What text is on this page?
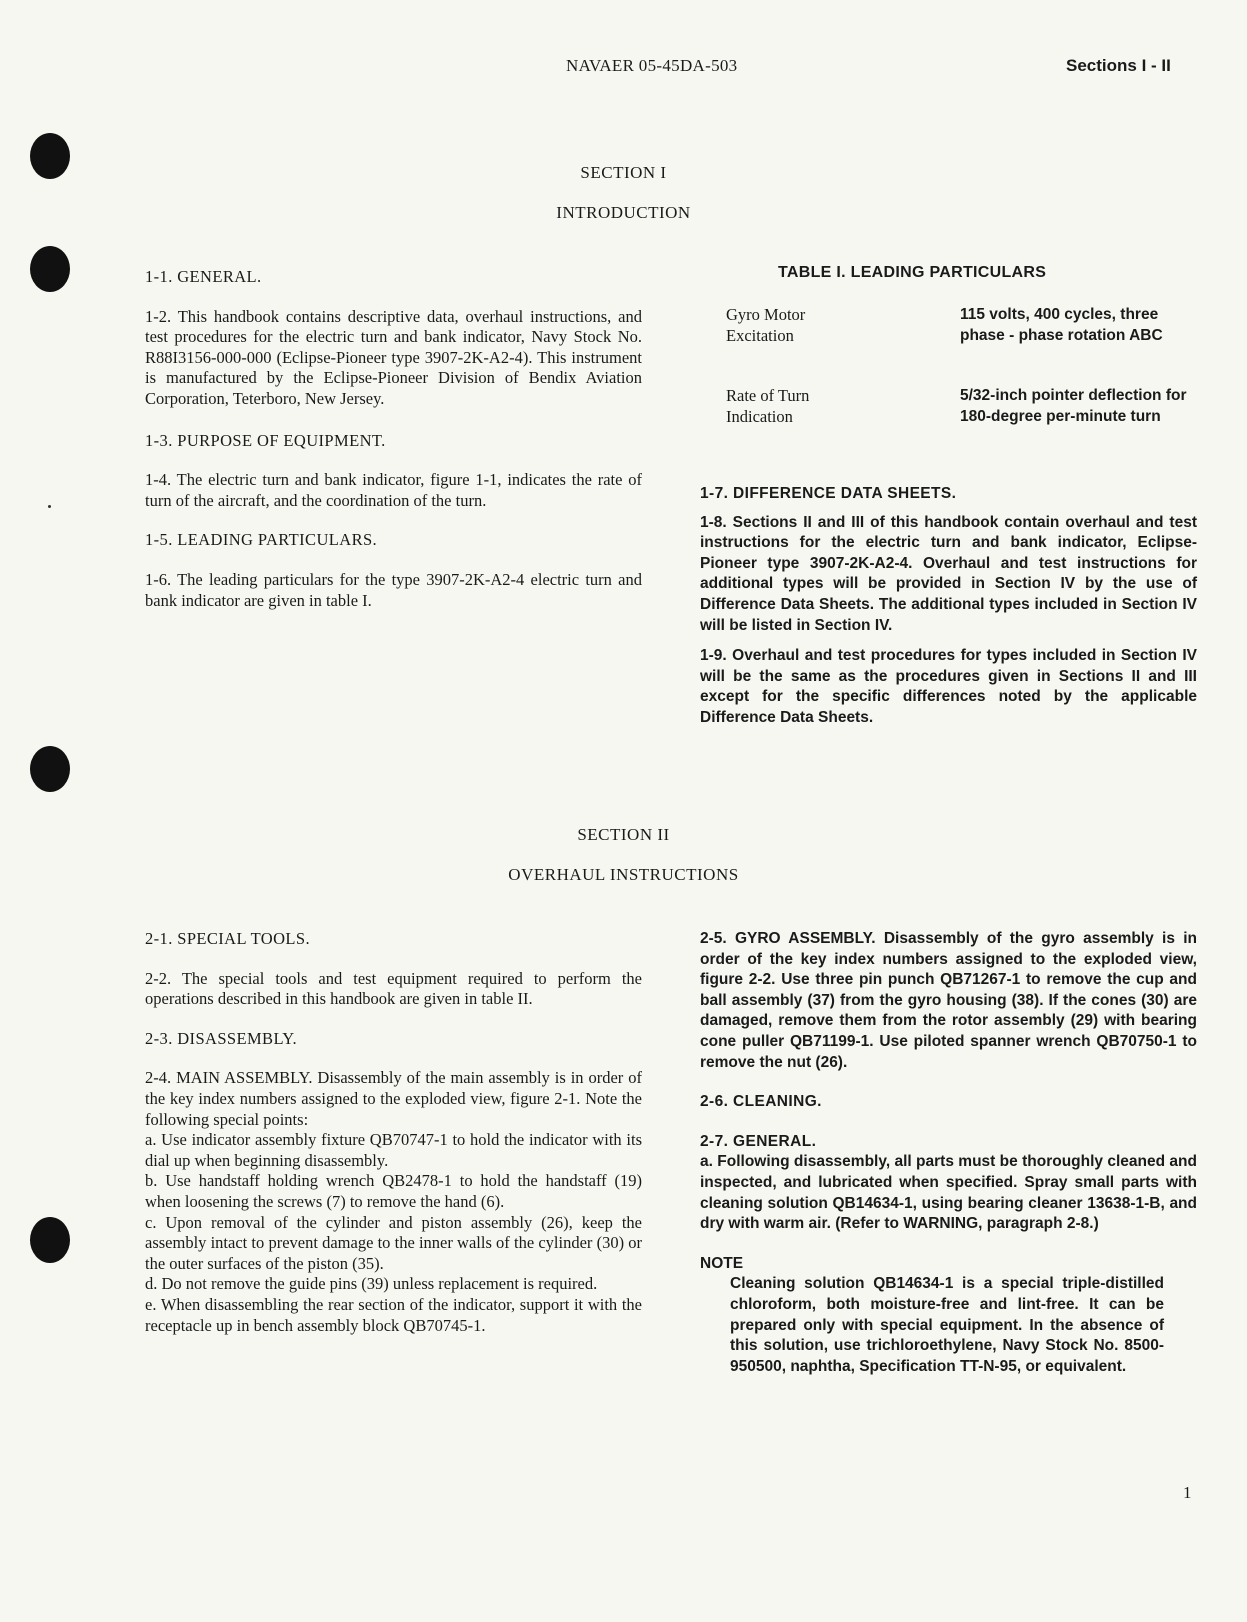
NAVAER 05-45DA-503	Sections I - II
SECTION I
INTRODUCTION

1-1. GENERAL.

1-2. This handbook contains descriptive data, overhaul instructions, and test procedures for the electric turn and bank indicator, Navy Stock No. R88I3156-000-000 (Eclipse-Pioneer type 3907-2K-A2-4). This instrument is manufactured by the Eclipse-Pioneer Division of Bendix Aviation Corporation, Teterboro, New Jersey.

1-3. PURPOSE OF EQUIPMENT.

1-4. The electric turn and bank indicator, figure 1-1, indicates the rate of turn of the aircraft, and the coordination of the turn.

1-5. LEADING PARTICULARS.

1-6. The leading particulars for the type 3907-2K-A2-4 electric turn and bank indicator are given in table I.

TABLE I. LEADING PARTICULARS
Gyro Motor
Excitation
115 volts, 400 cycles, three phase - phase rotation ABC
Rate of Turn
Indication
5/32-inch pointer deflection for 180-degree per-minute turn

1-7. DIFFERENCE DATA SHEETS.

1-8. Sections II and III of this handbook contain overhaul and test instructions for the electric turn and bank indicator, Eclipse-Pioneer type 3907-2K-A2-4. Overhaul and test instructions for additional types will be provided in Section IV by the use of Difference Data Sheets. The additional types included in Section IV will be listed in Section IV.

1-9. Overhaul and test procedures for types included in Section IV will be the same as the procedures given in Sections II and III except for the specific differences noted by the applicable Difference Data Sheets.

SECTION II
OVERHAUL INSTRUCTIONS

2-1. SPECIAL TOOLS.

2-2. The special tools and test equipment required to perform the operations described in this handbook are given in table II.

2-3. DISASSEMBLY.

2-4. MAIN ASSEMBLY. Disassembly of the main assembly is in order of the key index numbers assigned to the exploded view, figure 2-1. Note the following special points:

a. Use indicator assembly fixture QB70747-1 to hold the indicator with its dial up when beginning disassembly.

b. Use handstaff holding wrench QB2478-1 to hold the handstaff (19) when loosening the screws (7) to remove the hand (6).

c. Upon removal of the cylinder and piston assembly (26), keep the assembly intact to prevent damage to the inner walls of the cylinder (30) or the outer surfaces of the piston (35).

d. Do not remove the guide pins (39) unless replacement is required.

e. When disassembling the rear section of the indicator, support it with the receptacle up in bench assembly block QB70745-1.

2-5. GYRO ASSEMBLY. Disassembly of the gyro assembly is in order of the key index numbers assigned to the exploded view, figure 2-2. Use three pin punch QB71267-1 to remove the cup and ball assembly (37) from the gyro housing (38). If the cones (30) are damaged, remove them from the rotor assembly (29) with bearing cone puller QB71199-1. Use piloted spanner wrench QB70750-1 to remove the nut (26).

2-6. CLEANING.

2-7. GENERAL.

a. Following disassembly, all parts must be thoroughly cleaned and inspected, and lubricated when specified. Spray small parts with cleaning solution QB14634-1, using bearing cleaner 13638-1-B, and dry with warm air. (Refer to WARNING, paragraph 2-8.)

NOTE

Cleaning solution QB14634-1 is a special triple-distilled chloroform, both moisture-free and lint-free. It can be prepared only with special equipment. In the absence of this solution, use trichloroethylene, Navy Stock No. 8500-950500, naphtha, Specification TT-N-95, or equivalent.

1
